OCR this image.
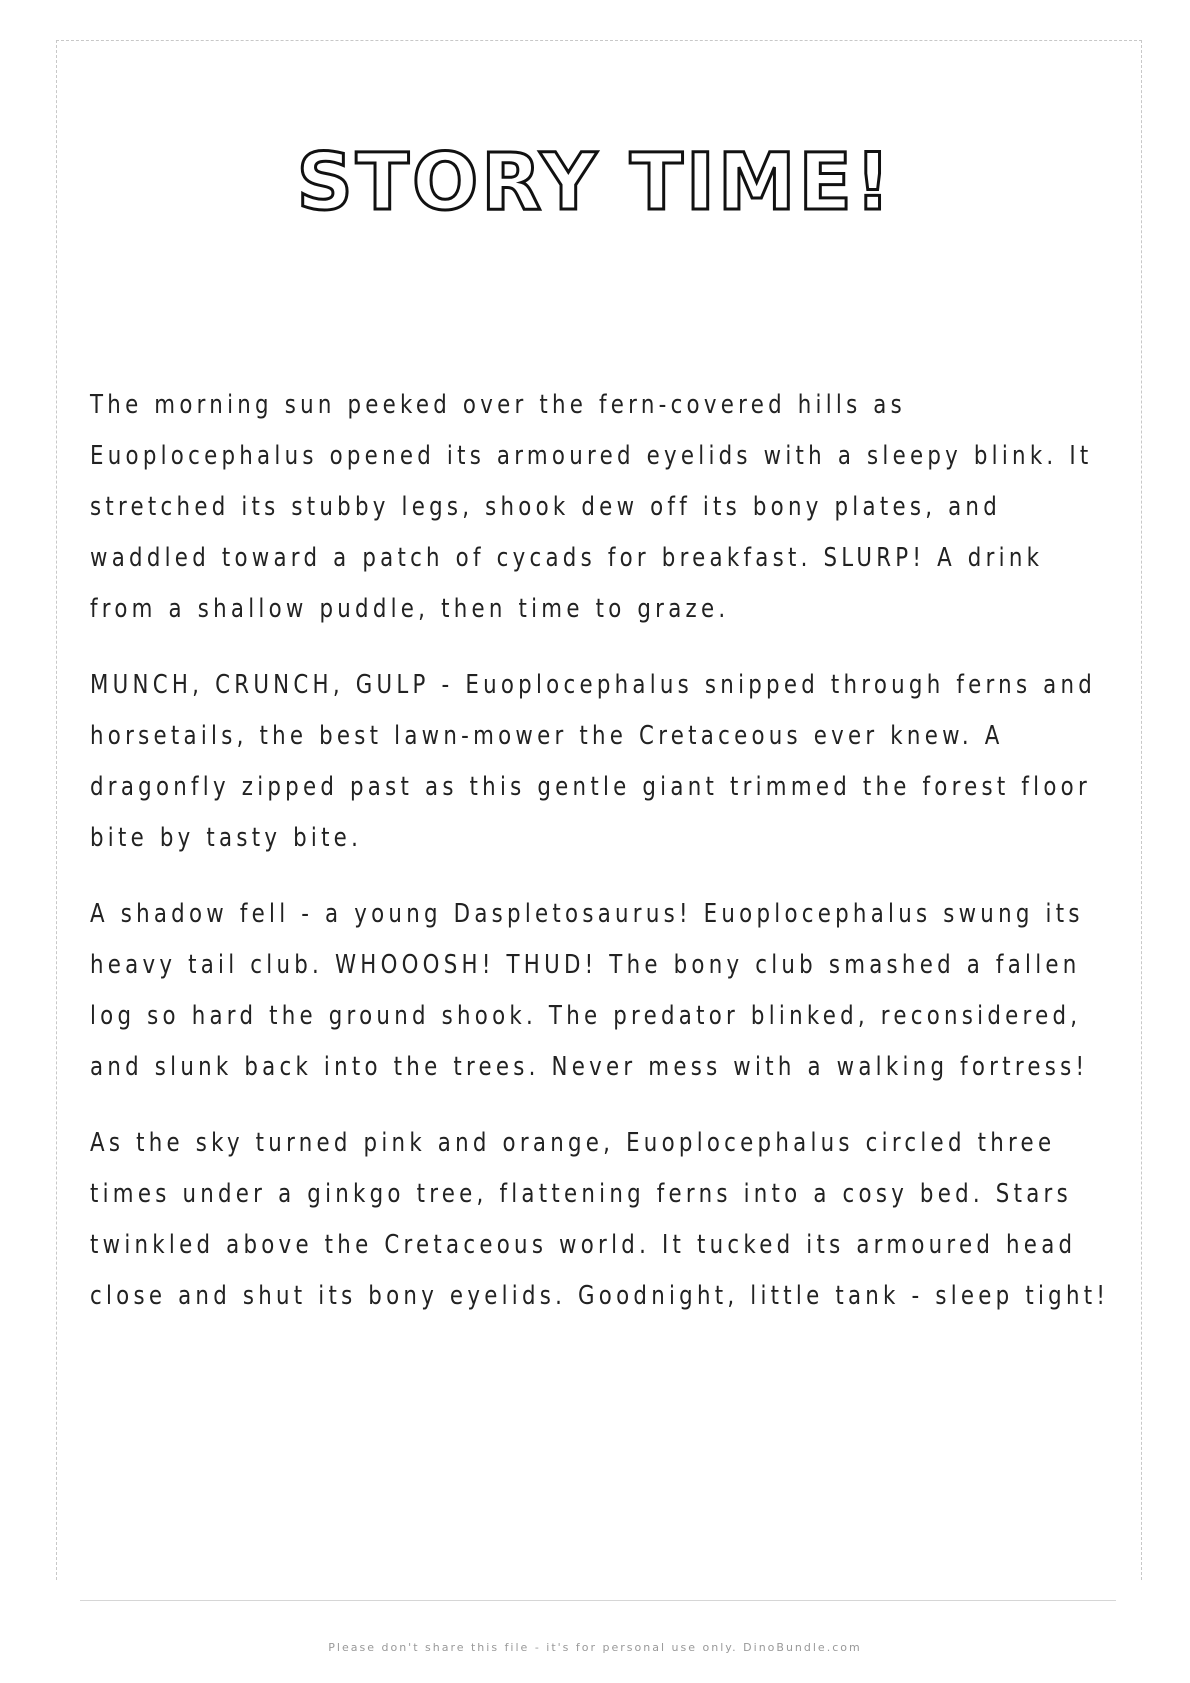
STORY TIME!

The morning sun peeked over the fern-covered hills as Euoplocephalus opened its armoured eyelids with a sleepy blink. It stretched its stubby legs, shook dew off its bony plates, and waddled toward a patch of cycads for breakfast. SLURP! A drink from a shallow puddle, then time to graze.

MUNCH, CRUNCH, GULP - Euoplocephalus snipped through ferns and horsetails, the best lawn-mower the Cretaceous ever knew. A dragonfly zipped past as this gentle giant trimmed the forest floor bite by tasty bite.

A shadow fell - a young Daspletosaurus! Euoplocephalus swung its heavy tail club. WHOOOSH! THUD! The bony club smashed a fallen log so hard the ground shook. The predator blinked, reconsidered, and slunk back into the trees. Never mess with a walking fortress!

As the sky turned pink and orange, Euoplocephalus circled three times under a ginkgo tree, flattening ferns into a cosy bed. Stars twinkled above the Cretaceous world. It tucked its armoured head close and shut its bony eyelids. Goodnight, little tank - sleep tight!

Please don't share this file - it's for personal use only. DinoBundle.com
